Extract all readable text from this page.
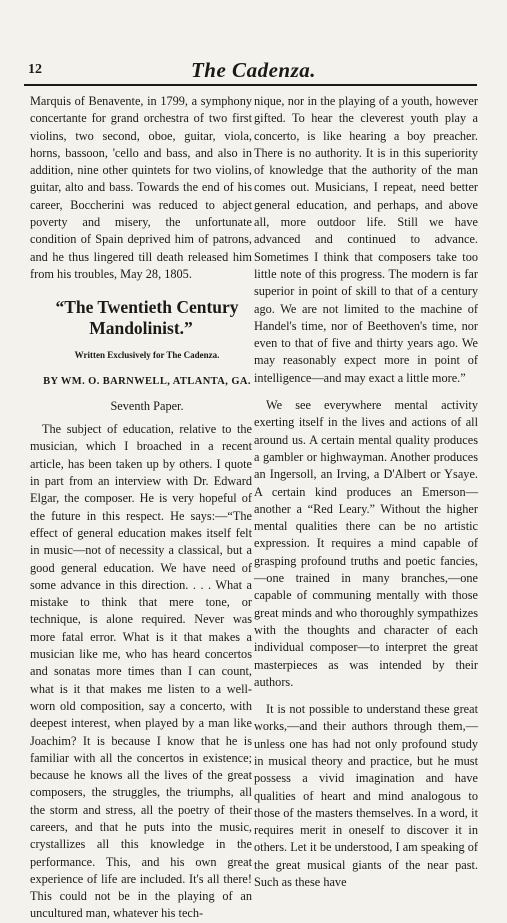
12	The Cadenza.

Marquis of Benavente, in 1799, a symphony concertante for grand orchestra of two first violins, two second, oboe, guitar, viola, horns, bassoon, 'cello and bass, and also in addition, nine other quintets for two violins, guitar, alto and bass. Towards the end of his career, Boccherini was reduced to abject poverty and misery, the unfortunate condition of Spain deprived him of patrons, and he thus lingered till death released him from his troubles, May 28, 1805.

“The Twentieth Century Mandolinist.”

Written Exclusively for The Cadenza.

BY WM. O. BARNWELL, ATLANTA, GA.

Seventh Paper.

The subject of education, relative to the musician, which I broached in a recent article, has been taken up by others. I quote in part from an interview with Dr. Edward Elgar, the composer. He is very hopeful of the future in this respect. He says:—“The effect of general education makes itself felt in music—not of necessity a classical, but a good general education. We have need of some advance in this direction. . . . What a mistake to think that mere tone, or technique, is alone required. Never was more fatal error. What is it that makes a musician like me, who has heard concertos and sonatas more times than I can count, what is it that makes me listen to a well-worn old composition, say a concerto, with deepest interest, when played by a man like Joachim? It is because I know that he is familiar with all the concertos in existence; because he knows all the lives of the great composers, the struggles, the triumphs, all the storm and stress, all the poetry of their careers, and that he puts into the music, crystallizes all this knowledge in the performance. This, and his own great experience of life are included. It's all there! This could not be in the playing of an uncultured man, whatever his tech-

nique, nor in the playing of a youth, however gifted. To hear the cleverest youth play a concerto, is like hearing a boy preacher. There is no authority. It is in this superiority of knowledge that the authority of the man comes out. Musicians, I repeat, need better general education, and perhaps, and above all, more outdoor life. Still we have advanced and continued to advance. Sometimes I think that composers take too little note of this progress. The modern is far superior in point of skill to that of a century ago. We are not limited to the machine of Handel's time, nor of Beethoven's time, nor even to that of five and thirty years ago. We may reasonably expect more in point of intelligence—and may exact a little more.”

We see everywhere mental activity exerting itself in the lives and actions of all around us. A certain mental quality produces a gambler or highwayman. Another produces an Ingersoll, an Irving, a D'Albert or Ysaye. A certain kind produces an Emerson—another a “Red Leary.” Without the higher mental qualities there can be no artistic expression. It requires a mind capable of grasping profound truths and poetic fancies,—one trained in many branches,—one capable of communing mentally with those great minds and who thoroughly sympathizes with the thoughts and character of each individual composer—to interpret the great masterpieces as was intended by their authors.

It is not possible to understand these great works,—and their authors through them,—unless one has had not only profound study in musical theory and practice, but he must possess a vivid imagination and have qualities of heart and mind analogous to those of the masters themselves. In a word, it requires merit in oneself to discover it in others. Let it be understood, I am speaking of the great musical giants of the near past. Such as these have
